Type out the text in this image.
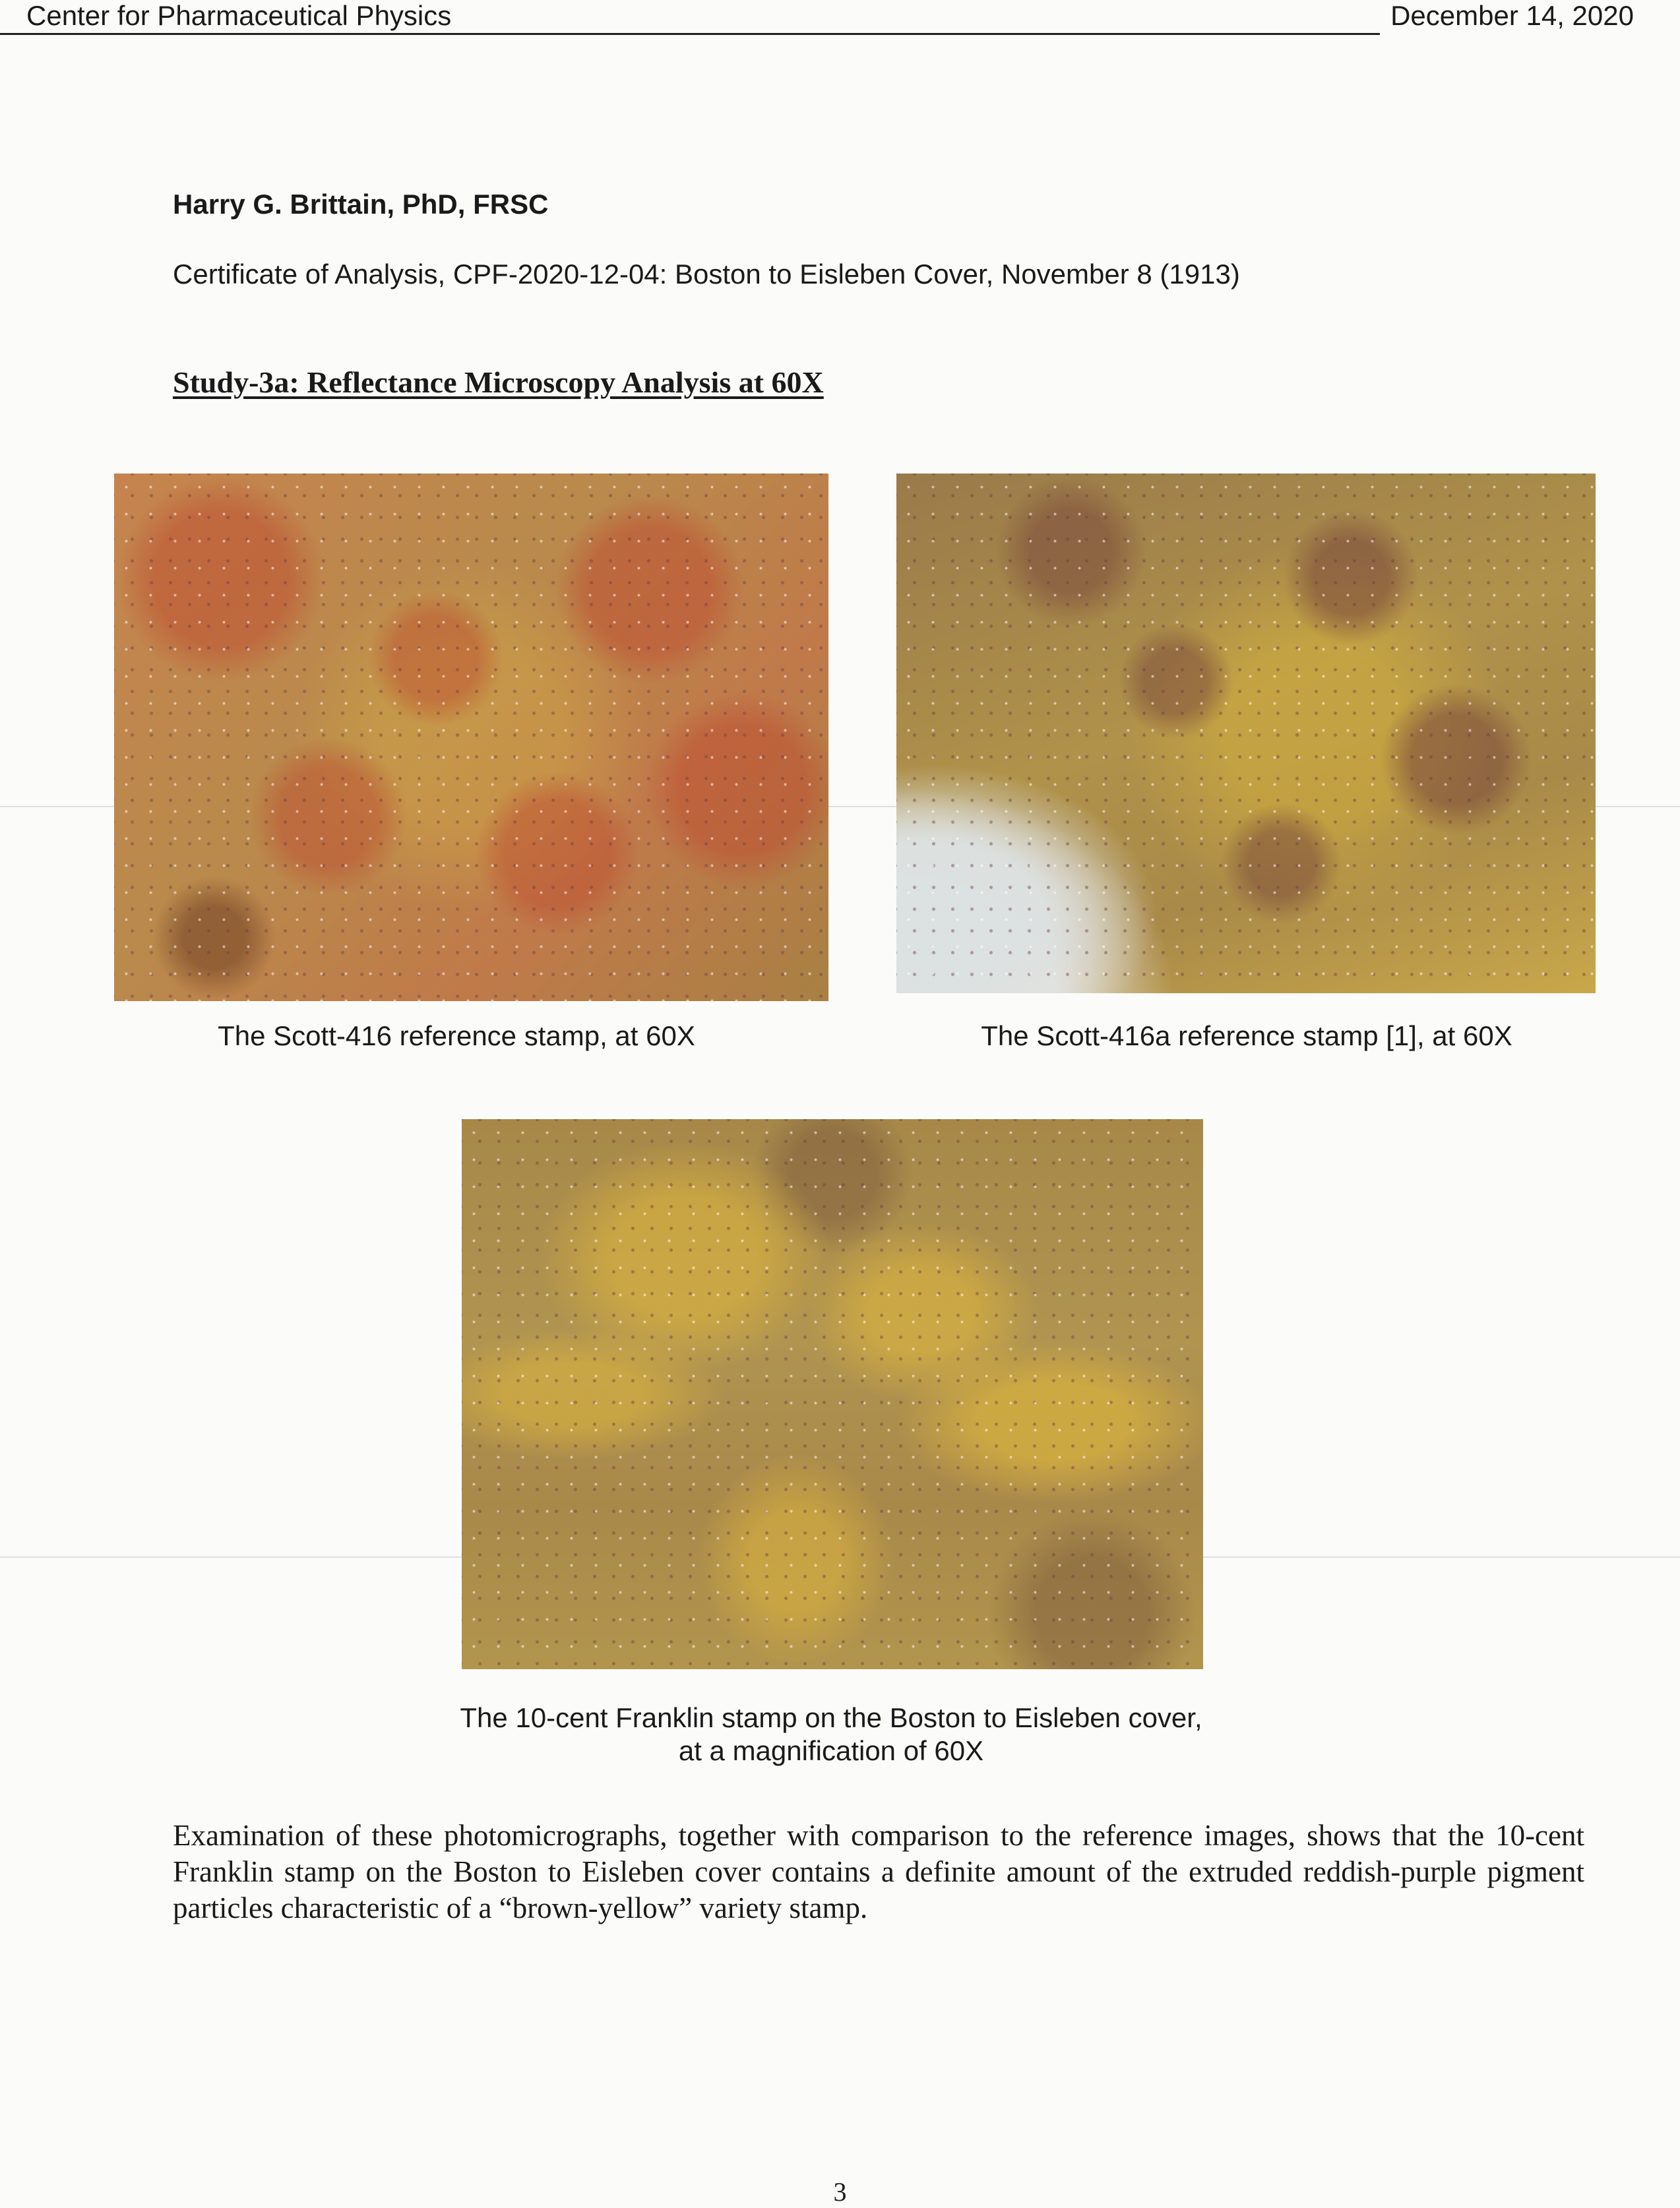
Harry G. Brittain, PhD, FRSC
Center for Pharmaceutical Physics	December 14, 2020
Certificate of Analysis, CPF-2020-12-04: Boston to Eisleben Cover, November 8 (1913)
Study-3a: Reflectance Microscopy Analysis at 60X
The Scott-416 reference stamp, at 60X	The Scott-416a reference stamp [1], at 60X
The 10-cent Franklin stamp on the Boston to Eisleben cover,
at a magnification of 60X
Examination of these photomicrographs, together with comparison to the reference images, shows that the 10-cent Franklin stamp on the Boston to Eisleben cover contains a definite amount of the extruded reddish-purple pigment particles characteristic of a “brown-yellow” variety stamp.
3
